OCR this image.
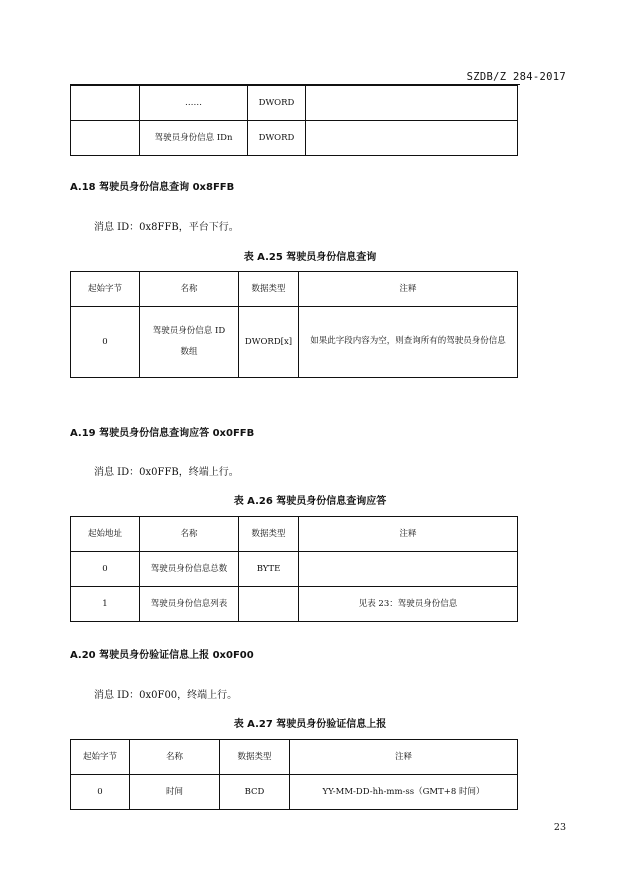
SZDB/Z 284-2017
	……	DWORD	
	驾驶员身份信息 IDn	DWORD	
A.18 驾驶员身份信息查询 0x8FFB
消息 ID：0x8FFB，平台下行。
表 A.25 驾驶员身份信息查询
起始字节	名称	数据类型	注释
0	驾驶员身份信息 ID 数组	DWORD[x]	如果此字段内容为空，则查询所有的驾驶员身份信息
A.19 驾驶员身份信息查询应答 0x0FFB
消息 ID：0x0FFB，终端上行。
表 A.26 驾驶员身份信息查询应答
起始地址	名称	数据类型	注释
0	驾驶员身份信息总数	BYTE	
1	驾驶员身份信息列表		见表 23：驾驶员身份信息
A.20 驾驶员身份验证信息上报 0x0F00
消息 ID：0x0F00，终端上行。
表 A.27 驾驶员身份验证信息上报
起始字节	名称	数据类型	注释
0	时间	BCD	YY-MM-DD-hh-mm-ss（GMT+8 时间）
23
